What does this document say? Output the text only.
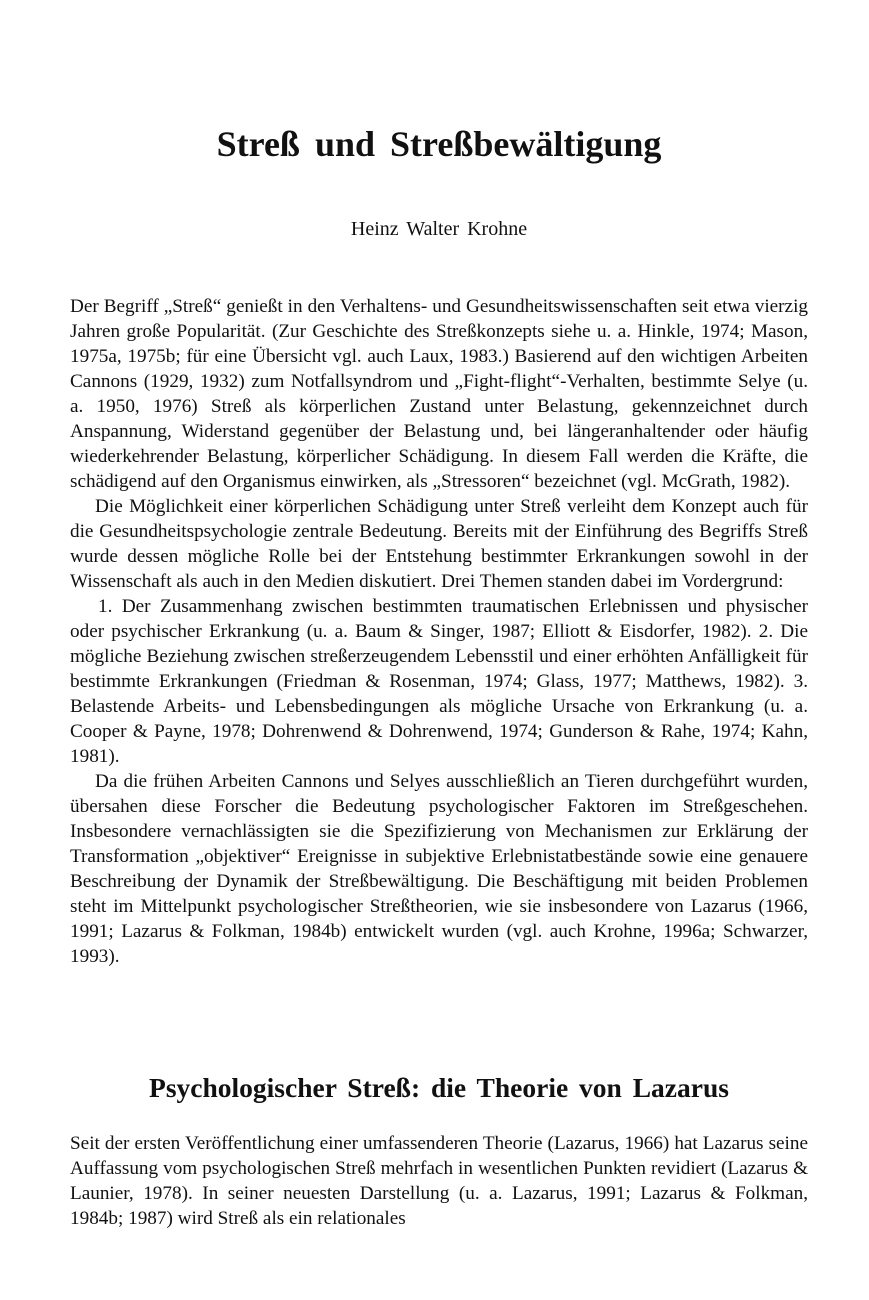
Streß und Streßbewältigung
Heinz Walter Krohne

Der Begriff „Streß“ genießt in den Verhaltens- und Gesundheitswissenschaften seit etwa vierzig Jahren große Popularität. (Zur Geschichte des Streßkonzepts siehe u. a. Hinkle, 1974; Mason, 1975a, 1975b; für eine Übersicht vgl. auch Laux, 1983.) Basierend auf den wichtigen Arbeiten Cannons (1929, 1932) zum Notfallsyndrom und „Fight-flight“-Verhalten, bestimmte Selye (u. a. 1950, 1976) Streß als körperlichen Zustand unter Belastung, gekennzeichnet durch Anspannung, Widerstand gegenüber der Belastung und, bei längeranhaltender oder häufig wiederkehrender Belastung, körperlicher Schädigung. In diesem Fall werden die Kräfte, die schädigend auf den Organismus einwirken, als „Stressoren“ bezeichnet (vgl. McGrath, 1982).

Die Möglichkeit einer körperlichen Schädigung unter Streß verleiht dem Konzept auch für die Gesundheitspsychologie zentrale Bedeutung. Bereits mit der Einführung des Begriffs Streß wurde dessen mögliche Rolle bei der Entstehung bestimmter Erkrankungen sowohl in der Wissenschaft als auch in den Medien diskutiert. Drei Themen standen dabei im Vordergrund:

1. Der Zusammenhang zwischen bestimmten traumatischen Erlebnissen und physischer oder psychischer Erkrankung (u. a. Baum & Singer, 1987; Elliott & Eisdorfer, 1982). 2. Die mögliche Beziehung zwischen streßerzeugendem Lebensstil und einer erhöhten Anfälligkeit für bestimmte Erkrankungen (Friedman & Rosenman, 1974; Glass, 1977; Matthews, 1982). 3. Belastende Arbeits- und Lebensbedingungen als mögliche Ursache von Erkrankung (u. a. Cooper & Payne, 1978; Dohrenwend & Dohrenwend, 1974; Gunderson & Rahe, 1974; Kahn, 1981).

Da die frühen Arbeiten Cannons und Selyes ausschließlich an Tieren durchgeführt wurden, übersahen diese Forscher die Bedeutung psychologischer Faktoren im Streßgeschehen. Insbesondere vernachlässigten sie die Spezifizierung von Mechanismen zur Erklärung der Transformation „objektiver“ Ereignisse in subjektive Erlebnistatbestände sowie eine genauere Beschreibung der Dynamik der Streßbewältigung. Die Beschäftigung mit beiden Problemen steht im Mittelpunkt psychologischer Streßtheorien, wie sie insbesondere von Lazarus (1966, 1991; Lazarus & Folkman, 1984b) entwickelt wurden (vgl. auch Krohne, 1996a; Schwarzer, 1993).

Psychologischer Streß: die Theorie von Lazarus

Seit der ersten Veröffentlichung einer umfassenderen Theorie (Lazarus, 1966) hat Lazarus seine Auffassung vom psychologischen Streß mehrfach in wesentlichen Punkten revidiert (Lazarus & Launier, 1978). In seiner neuesten Darstellung (u. a. Lazarus, 1991; Lazarus & Folkman, 1984b; 1987) wird Streß als ein relationales
